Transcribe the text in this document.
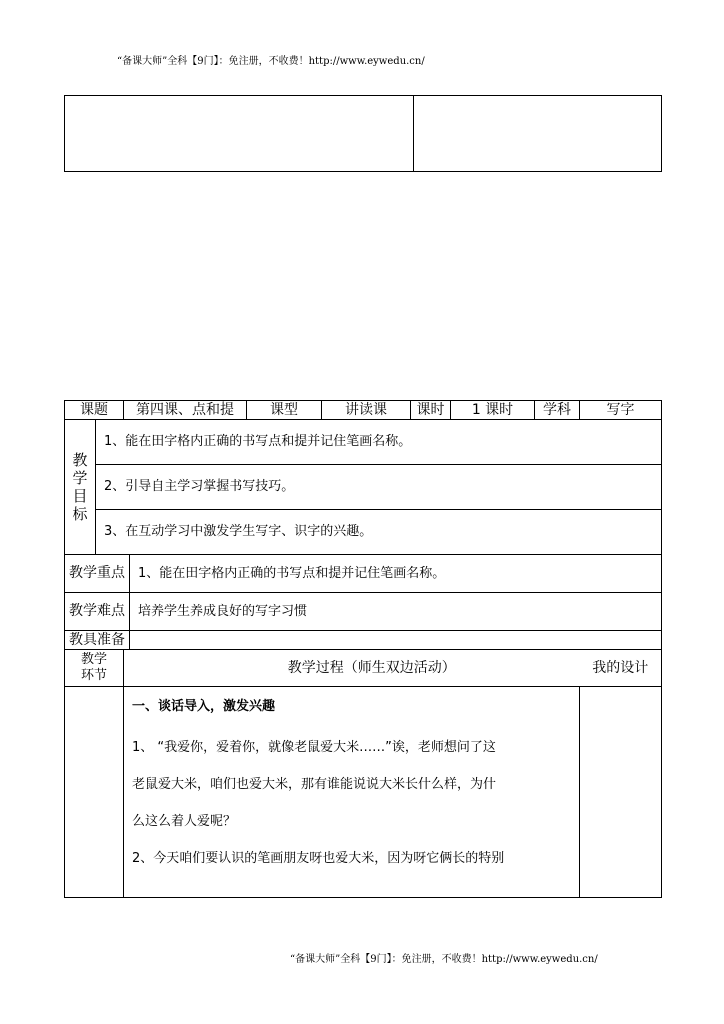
“备课大师”全科【9门】：免注册，不收费！http://www.eywedu.cn/

课题		第四课、点和提		课型	讲读课	课时	1 课时	学科	写字

教
学
目
标	1、能在田字格内正确的书写点和提并记住笔画名称。								
	2、引导自主学习掌握书写技巧。								
	3、在互动学习中激发学生写字、识字的兴趣。								
教学重点			1、能在田字格内正确的书写点和提并记住笔画名称。						
教学难点			培养学生养成良好的写字习惯						
教具准备									

教学
环节		教学过程（师生双边活动）							我的设计

		一、谈话导入，激发兴趣
1、 “我爱你，爱着你，就像老鼠爱大米……”诶，老师想问了这
老鼠爱大米，咱们也爱大米，那有谁能说说大米长什么样，为什
么这么着人爱呢？
2、今天咱们要认识的笔画朋友呀也爱大米，因为呀它俩长的特别							

“备课大师”全科【9门】：免注册，不收费！http://www.eywedu.cn/
